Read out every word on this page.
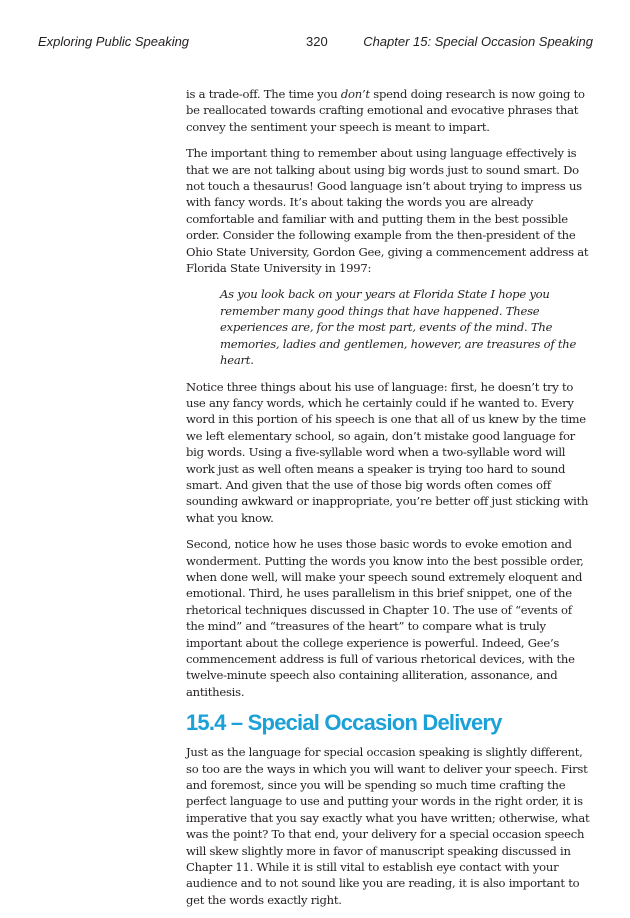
Exploring Public Speaking	320	Chapter 15: Special Occasion Speaking

is a trade-off. The time you don’t spend doing research is now going to be reallocated towards crafting emotional and evocative phrases that convey the sentiment your speech is meant to impart.

The important thing to remember about using language effectively is that we are not talking about using big words just to sound smart. Do not touch a thesaurus! Good language isn’t about trying to impress us with fancy words. It’s about taking the words you are already comfortable and familiar with and putting them in the best possible order. Consider the following example from the then-president of the Ohio State University, Gordon Gee, giving a commencement address at Florida State University in 1997:

As you look back on your years at Florida State I hope you remember many good things that have happened. These experiences are, for the most part, events of the mind. The memories, ladies and gentlemen, however, are treasures of the heart.

Notice three things about his use of language: first, he doesn’t try to use any fancy words, which he certainly could if he wanted to. Every word in this portion of his speech is one that all of us knew by the time we left elementary school, so again, don’t mistake good language for big words. Using a five-syllable word when a two-syllable word will work just as well often means a speaker is trying too hard to sound smart. And given that the use of those big words often comes off sounding awkward or inappropriate, you’re better off just sticking with what you know.

Second, notice how he uses those basic words to evoke emotion and wonderment. Putting the words you know into the best possible order, when done well, will make your speech sound extremely eloquent and emotional. Third, he uses parallelism in this brief snippet, one of the rhetorical techniques discussed in Chapter 10. The use of “events of the mind” and “treasures of the heart” to compare what is truly important about the college experience is powerful. Indeed, Gee’s commencement address is full of various rhetorical devices, with the twelve-minute speech also containing alliteration, assonance, and antithesis.

15.4 – Special Occasion Delivery

Just as the language for special occasion speaking is slightly different, so too are the ways in which you will want to deliver your speech. First and foremost, since you will be spending so much time crafting the perfect language to use and putting your words in the right order, it is imperative that you say exactly what you have written; otherwise, what was the point? To that end, your delivery for a special occasion speech will skew slightly more in favor of manuscript speaking discussed in Chapter 11. While it is still vital to establish eye contact with your audience and to not sound like you are reading, it is also important to get the words exactly right.
